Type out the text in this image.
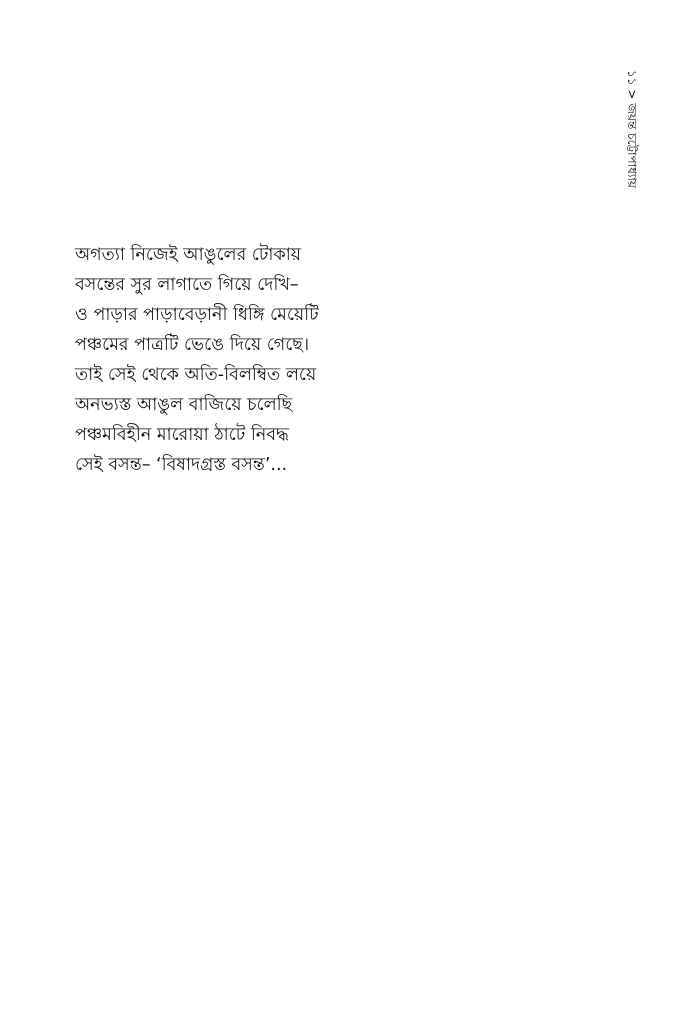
১১ > জয়ন্ত চট্টোপাধ্যায়
অগত্যা নিজেই আঙুলের টোকায়
বসন্তের সুর লাগাতে গিয়ে দেখি–
ও পাড়ার পাড়াবেড়ানী ধিঙ্গি মেয়েটি
পঞ্চমের পাত্রটি ভেঙে দিয়ে গেছে।
তাই সেই থেকে অতি-বিলম্বিত লয়ে
অনভ্যস্ত আঙুল বাজিয়ে চলেছি
পঞ্চমবিহীন মারোয়া ঠাটে নিবদ্ধ
সেই বসন্ত– ‘বিষাদগ্রস্ত বসন্ত’...
